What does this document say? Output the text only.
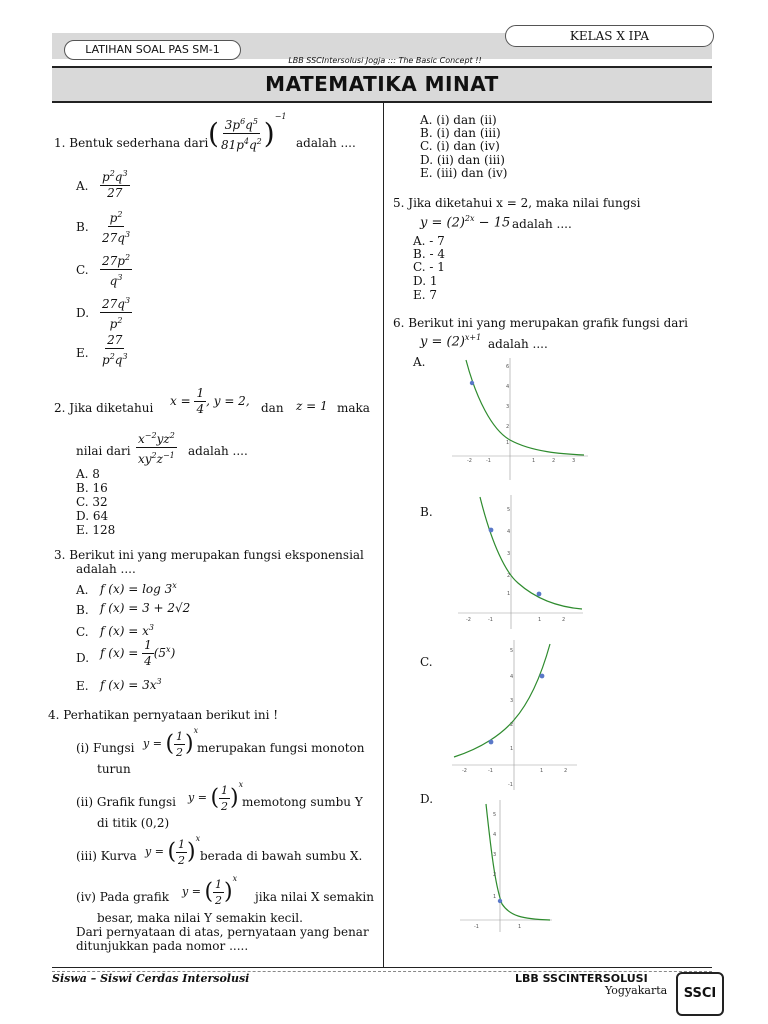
KELAS X IPA
LATIHAN SOAL PAS SM-1
LBB SSCIntersolusi Jogja ::: The Basic Concept !!
MATEMATIKA MINAT
1. Bentuk sederhana dari ( $\frac{3p^6q^5}{81p^4q^2} )^{-1}$
adalah ....
A. $\frac{p^2q^3}{27}$
B. $\frac{p^2}{27q^3}$
C. $\frac{27p^2}{q^3}$
D. $\frac{27q^3}{p^2}$
E. $\frac{27}{p^2q^3}$
2. Jika diketahui $x = \frac{1}{4}$ , y = 2, dan z = 1 maka
nilai dari $\frac{x^{-2}yz^2}{xy^2z^{-1}}$ adalah ....
A. 8
B. 16
C. 32
D. 64
E. 128
3. Berikut ini yang merupakan fungsi eksponensial
adalah ....
A. f (x) = log 3$^x$
B. f (x) = 3 + 2√2
C. f $(x) = x^3$
D. f $(x) = \frac{1}{4} (5^x)$
E. f $(x) = 3x^3$
4. Perhatikan pernyataan berikut ini !
(i) Fungsi y = ( $\frac{1}{2} )^x$
merupakan fungsi monoton
turun
(ii) Grafik fungsi y = ( $\frac{1}{2} )^x$
memotong sumbu Y
di titik (0,2)
(iii) Kurva y = ( $\frac{1}{2} )^x$
berada di bawah sumbu X.
(iv) Pada grafik y = ( $\frac{1}{2} )^x$
jika nilai X semakin
besar, maka nilai Y semakin kecil.
Dari pernyataan di atas, pernyataan yang benar
ditunjukkan pada nomor .....
A. (i) dan (ii)
B. (i) dan (iii)
C. (i) dan (iv)
D. (ii) dan (iii)
E. (iii) dan (iv)
5. Jika diketahui x = 2, maka nilai fungsi
$y = (2)^{2x} - 15$ adalah ....
A. - 7
B. - 4
C. - 1
D. 1
E. 7
6. Berikut ini yang merupakan grafik fungsi dari
$y = (2)^{x+1}$ adalah ....
A.
-2	-1	1	2	3
6
4
3
2
1
B.
-2	-1	1	2
5
4
3
2
1
C.
-2	-1	1	2
5
4
3
2
1
-1
D.
-1	1
5
4
3
2
1
Siswa – Siswi Cerdas Intersolusi	LBB SSCINTERSOLUSI
Yogyakarta	SSCI
